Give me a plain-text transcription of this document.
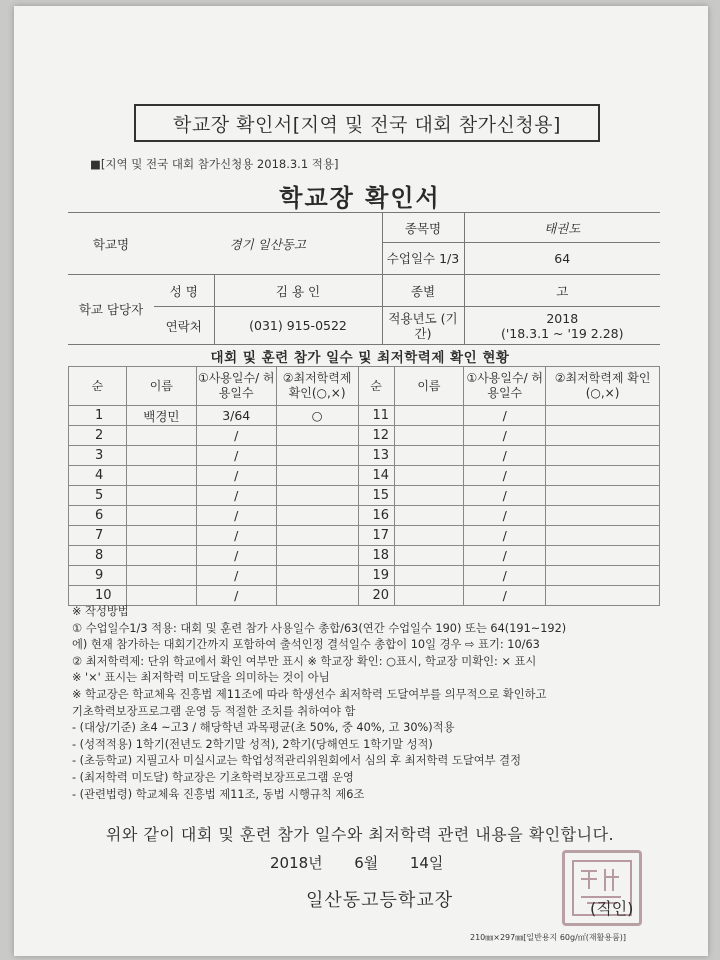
학교장 확인서[지역 및 전국 대회 참가신청용]
■[지역 및 전국 대회 참가신청용 2018.3.1 적용]
학교장 확인서
학교명	경기 일산동고		종목명	태권도
			수업일수 1/3	64
학교 담당자	성 명	김 용 인	종별	고
	연락처	(031) 915-0522	적용년도 (기간)	2018
('18.3.1 ~ '19 2.28)
대회 및 훈련 참가 일수 및 최저학력제 확인 현황
순	이름	①사용일수/ 허용일수	②최저학력제 확인(○,×)	순	이름	①사용일수/ 허용일수	②최저학력제 확인(○,×)
1	백경민	3/64	○	11		/	
2		/		12		/	
3		/		13		/	
4		/		14		/	
5		/		15		/	
6		/		16		/	
7		/		17		/	
8		/		18		/	
9		/		19		/	
10		/		20		/	
※ 작성방법
① 수업일수1/3 적용: 대회 및 훈련 참가 사용일수 총합/63(연간 수업일수 190) 또는 64(191~192)
에) 현재 참가하는 대회기간까지 포함하여 출석인정 결석일수 총합이 10일 경우 ⇨ 표기: 10/63
② 최저학력제: 단위 학교에서 확인 여부만 표시 ※ 학교장 확인: ○표시, 학교장 미확인: × 표시
※ '×' 표시는 최저학력 미도달을 의미하는 것이 아님
※ 학교장은 학교체육 진흥법 제11조에 따라 학생선수 최저학력 도달여부를 의무적으로 확인하고
기초학력보장프로그램 운영 등 적절한 조치를 취하여야 함
- (대상/기준) 초4 ~고3 / 해당학년 과목평균(초 50%, 중 40%, 고 30%)적용
- (성적적용) 1학기(전년도 2학기말 성적), 2학기(당해연도 1학기말 성적)
- (초등학교) 지필고사 미실시교는 학업성적관리위원회에서 심의 후 최저학력 도달여부 결정
- (최저학력 미도달) 학교장은 기초학력보장프로그램 운영
- (관련법령) 학교체육 진흥법 제11조, 동법 시행규칙 제6조
위와 같이 대회 및 훈련 참가 일수와 최저학력 관련 내용을 확인합니다.
2018년 6월 14일
일산동고등학교장	(직인)
210㎜×297㎜[일반용지 60g/㎡(재활용품)]
